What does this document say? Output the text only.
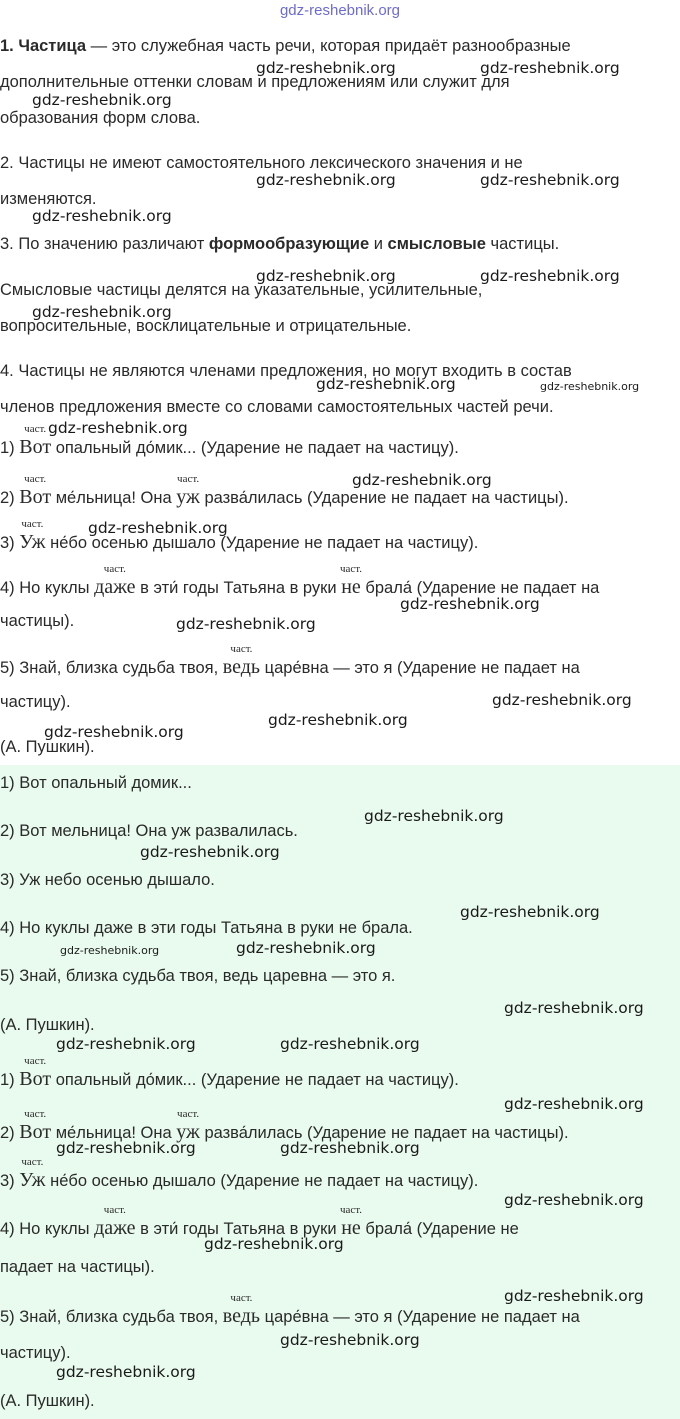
gdz-reshebnik.org
1. Частица — это служебная часть речи, которая придаёт разнообразные
дополнительные оттенки словам и предложениям или служит для
образования форм слова.
2. Частицы не имеют самостоятельного лексического значения и не
изменяются.
3. По значению различают формообразующие и смысловые частицы.
Смысловые частицы делятся на указательные, усилительные,
вопросительные, восклицательные и отрицательные.
4. Частицы не являются членами предложения, но могут входить в состав
членов предложения вместе со словами самостоятельных частей речи.
1)
част.
Вот опальный до́мик... (Ударение не падает на частицу).
2)
част.
Вот ме́льница! Она
част.
уж разва́лилась (Ударение не падает на частицы).
3)
част.
Уж не́бо осенью дышало (Ударение не падает на частицу).
4) Но куклы
част.
даже в эти́ годы Татьяна в руки
част.
не брала́ (Ударение не падает на
частицы).
5) Знай, близка судьба твоя,
част.
ведь царе́вна — это я (Ударение не падает на
частицу).
(А. Пушкин).
1) Вот опальный домик...
2) Вот мельница! Она уж развалилась.
3) Уж небо осенью дышало.
4) Но куклы даже в эти годы Татьяна в руки не брала.
5) Знай, близка судьба твоя, ведь царевна — это я.
(А. Пушкин).
1)
част.
Вот опальный до́мик... (Ударение не падает на частицу).
2)
част.
Вот ме́льница! Она
част.
уж разва́лилась (Ударение не падает на частицы).
3)
част.
Уж не́бо осенью дышало (Ударение не падает на частицу).
4) Но куклы
част.
даже в эти́ годы Татьяна в руки
част.
не брала́ (Ударение не
падает на частицы).
5) Знай, близка судьба твоя,
част.
ведь царе́вна — это я (Ударение не падает на
частицу).
(А. Пушкин).
gdz-reshebnik.org	gdz-reshebnik.org
gdz-reshebnik.org
gdz-reshebnik.org	gdz-reshebnik.org
gdz-reshebnik.org
gdz-reshebnik.org	gdz-reshebnik.org
gdz-reshebnik.org
gdz-reshebnik.org	gdz-reshebnik.org
gdz-reshebnik.org
gdz-reshebnik.org
gdz-reshebnik.org
gdz-reshebnik.org
gdz-reshebnik.org
gdz-reshebnik.org
gdz-reshebnik.org
gdz-reshebnik.org
gdz-reshebnik.org
gdz-reshebnik.org
gdz-reshebnik.org
gdz-reshebnik.org	gdz-reshebnik.org
gdz-reshebnik.org
gdz-reshebnik.org	gdz-reshebnik.org
gdz-reshebnik.org
gdz-reshebnik.org	gdz-reshebnik.org
gdz-reshebnik.org
gdz-reshebnik.org
gdz-reshebnik.org
gdz-reshebnik.org
gdz-reshebnik.org
